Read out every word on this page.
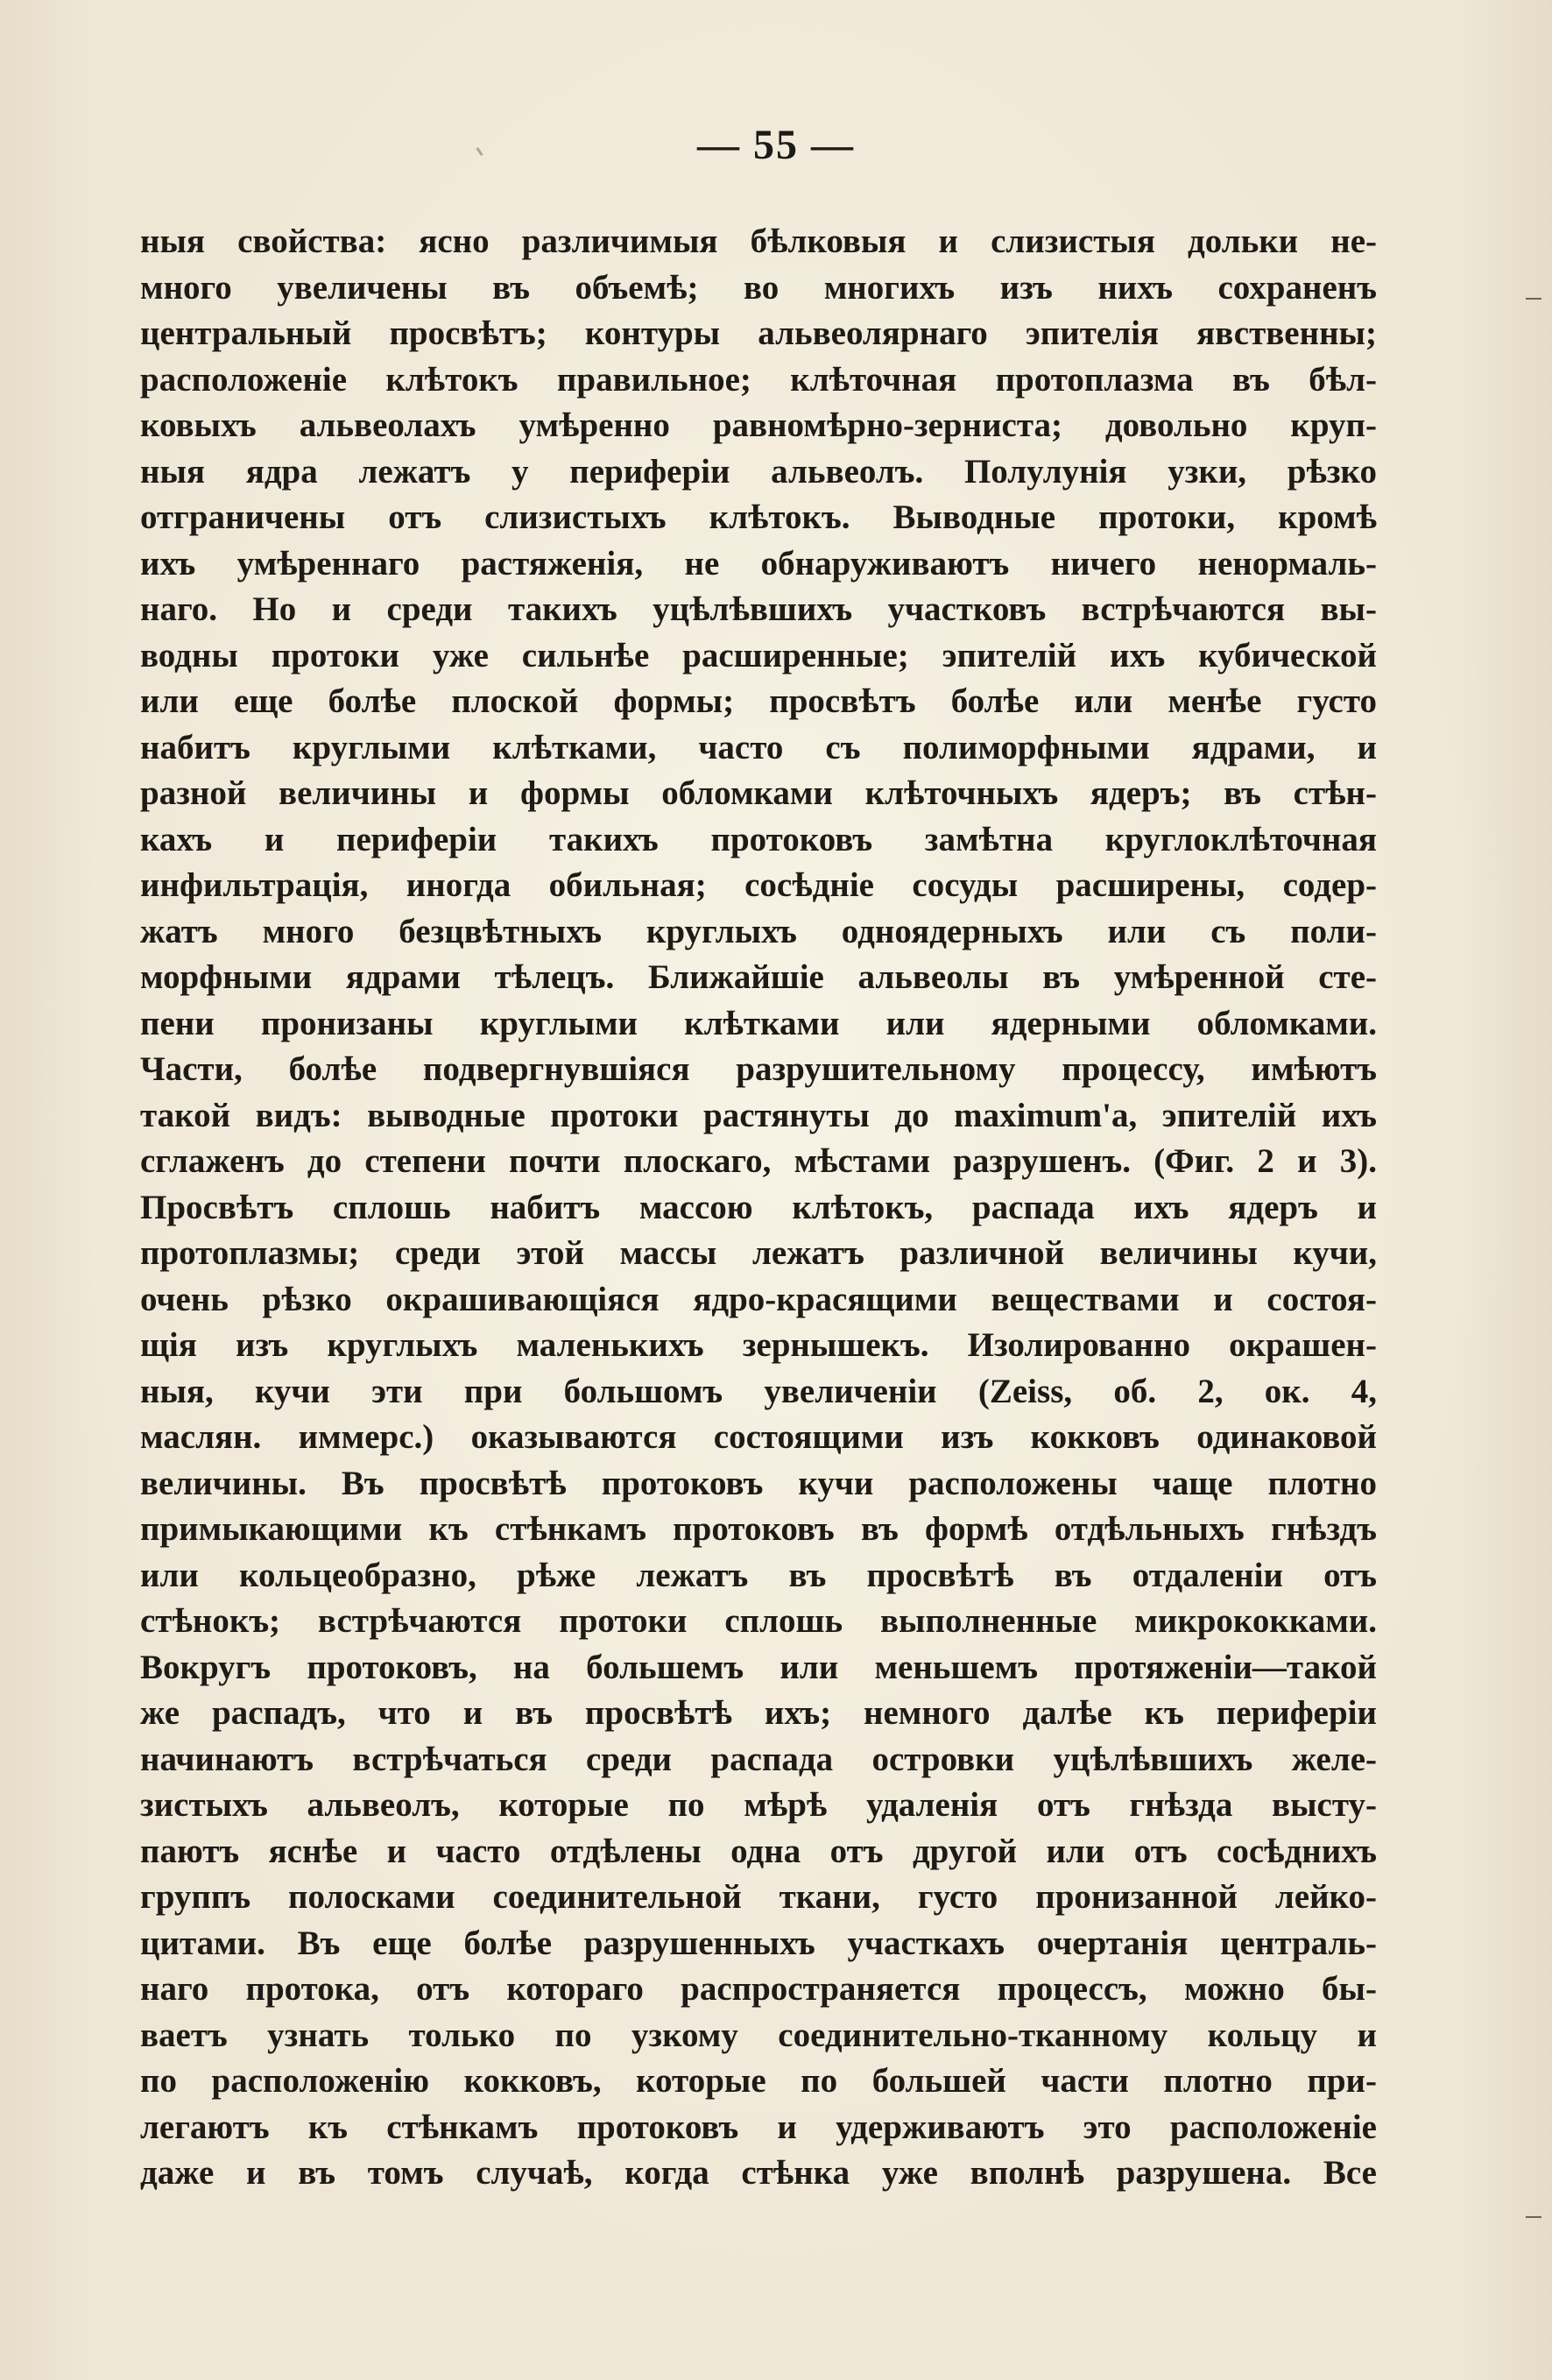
— 55 —
ныя свойства: ясно различимыя бѣлковыя и слизистыя дольки не-
много увеличены въ объемѣ; во многихъ изъ нихъ сохраненъ
центральный просвѣтъ; контуры альвеолярнаго эпителія явственны;
расположеніе клѣтокъ правильное; клѣточная протоплазма въ бѣл-
ковыхъ альвеолахъ умѣренно равномѣрно-зерниста; довольно круп-
ныя ядра лежатъ у периферіи альвеолъ. Полулунія узки, рѣзко
отграничены отъ слизистыхъ клѣтокъ. Выводные протоки, кромѣ
ихъ умѣреннаго растяженія, не обнаруживаютъ ничего ненормаль-
наго. Но и среди такихъ уцѣлѣвшихъ участковъ встрѣчаются вы-
водны протоки уже сильнѣе расширенные; эпителій ихъ кубической
или еще болѣе плоской формы; просвѣтъ болѣе или менѣе густо
набитъ круглыми клѣтками, часто съ полиморфными ядрами, и
разной величины и формы обломками клѣточныхъ ядеръ; въ стѣн-
кахъ и периферіи такихъ протоковъ замѣтна круглоклѣточная
инфильтрація, иногда обильная; сосѣдніе сосуды расширены, содер-
жатъ много безцвѣтныхъ круглыхъ одноядерныхъ или съ поли-
морфными ядрами тѣлецъ. Ближайшіе альвеолы въ умѣренной сте-
пени пронизаны круглыми клѣтками или ядерными обломками.
Части, болѣе подвергнувшіяся разрушительному процессу, имѣютъ
такой видъ: выводные протоки растянуты до maximum'а, эпителій ихъ
сглаженъ до степени почти плоскаго, мѣстами разрушенъ. (Фиг. 2 и 3).
Просвѣтъ сплошь набитъ массою клѣтокъ, распада ихъ ядеръ и
протоплазмы; среди этой массы лежатъ различной величины кучи,
очень рѣзко окрашивающіяся ядро-красящими веществами и состоя-
щія изъ круглыхъ маленькихъ зернышекъ. Изолированно окрашен-
ныя, кучи эти при большомъ увеличеніи (Zeiss, об. 2, ок. 4,
маслян. иммерс.) оказываются состоящими изъ кокковъ одинаковой
величины. Въ просвѣтѣ протоковъ кучи расположены чаще плотно
примыкающими къ стѣнкамъ протоковъ въ формѣ отдѣльныхъ гнѣздъ
или кольцеобразно, рѣже лежатъ въ просвѣтѣ въ отдаленіи отъ
стѣнокъ; встрѣчаются протоки сплошь выполненные микрококками.
Вокругъ протоковъ, на большемъ или меньшемъ протяженіи—такой
же распадъ, что и въ просвѣтѣ ихъ; немного далѣе къ периферіи
начинаютъ встрѣчаться среди распада островки уцѣлѣвшихъ желе-
зистыхъ альвеолъ, которые по мѣрѣ удаленія отъ гнѣзда высту-
паютъ яснѣе и часто отдѣлены одна отъ другой или отъ сосѣднихъ
группъ полосками соединительной ткани, густо пронизанной лейко-
цитами. Въ еще болѣе разрушенныхъ участкахъ очертанія централь-
наго протока, отъ котораго распространяется процессъ, можно бы-
ваетъ узнать только по узкому соединительно-тканному кольцу и
по расположенію кокковъ, которые по большей части плотно при-
легаютъ къ стѣнкамъ протоковъ и удерживаютъ это расположеніе
даже и въ томъ случаѣ, когда стѣнка уже вполнѣ разрушена. Все
